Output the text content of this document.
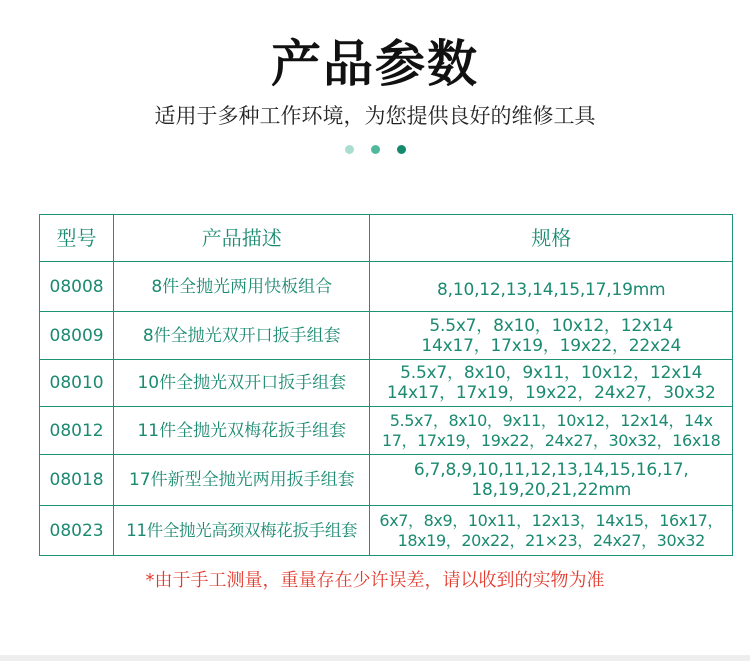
产品参数
适用于多种工作环境，为您提供良好的维修工具
型号	产品描述	规格
08008	8件全抛光两用快板组合	8,10,12,13,14,15,17,19mm

08009	8件全抛光双开口扳手组套	5.5x7，8x10，10x12，12x14
14x17，17x19，19x22，22x24

08010	10件全抛光双开口扳手组套	5.5x7，8x10，9x11，10x12，12x14
14x17，17x19，19x22，24x27，30x32

08012	11件全抛光双梅花扳手组套	5.5x7，8x10，9x11，10x12，12x14，14x
17，17x19，19x22，24x27，30x32，16x18

08018	17件新型全抛光两用扳手组套	6,7,8,9,10,11,12,13,14,15,16,17,
18,19,20,21,22mm

08023	11件全抛光高颈双梅花扳手组套	6x7，8x9，10x11，12x13，14x15，16x17，
18x19，20x22，21×23，24x27，30x32
*由于手工测量，重量存在少许误差，请以收到的实物为准
